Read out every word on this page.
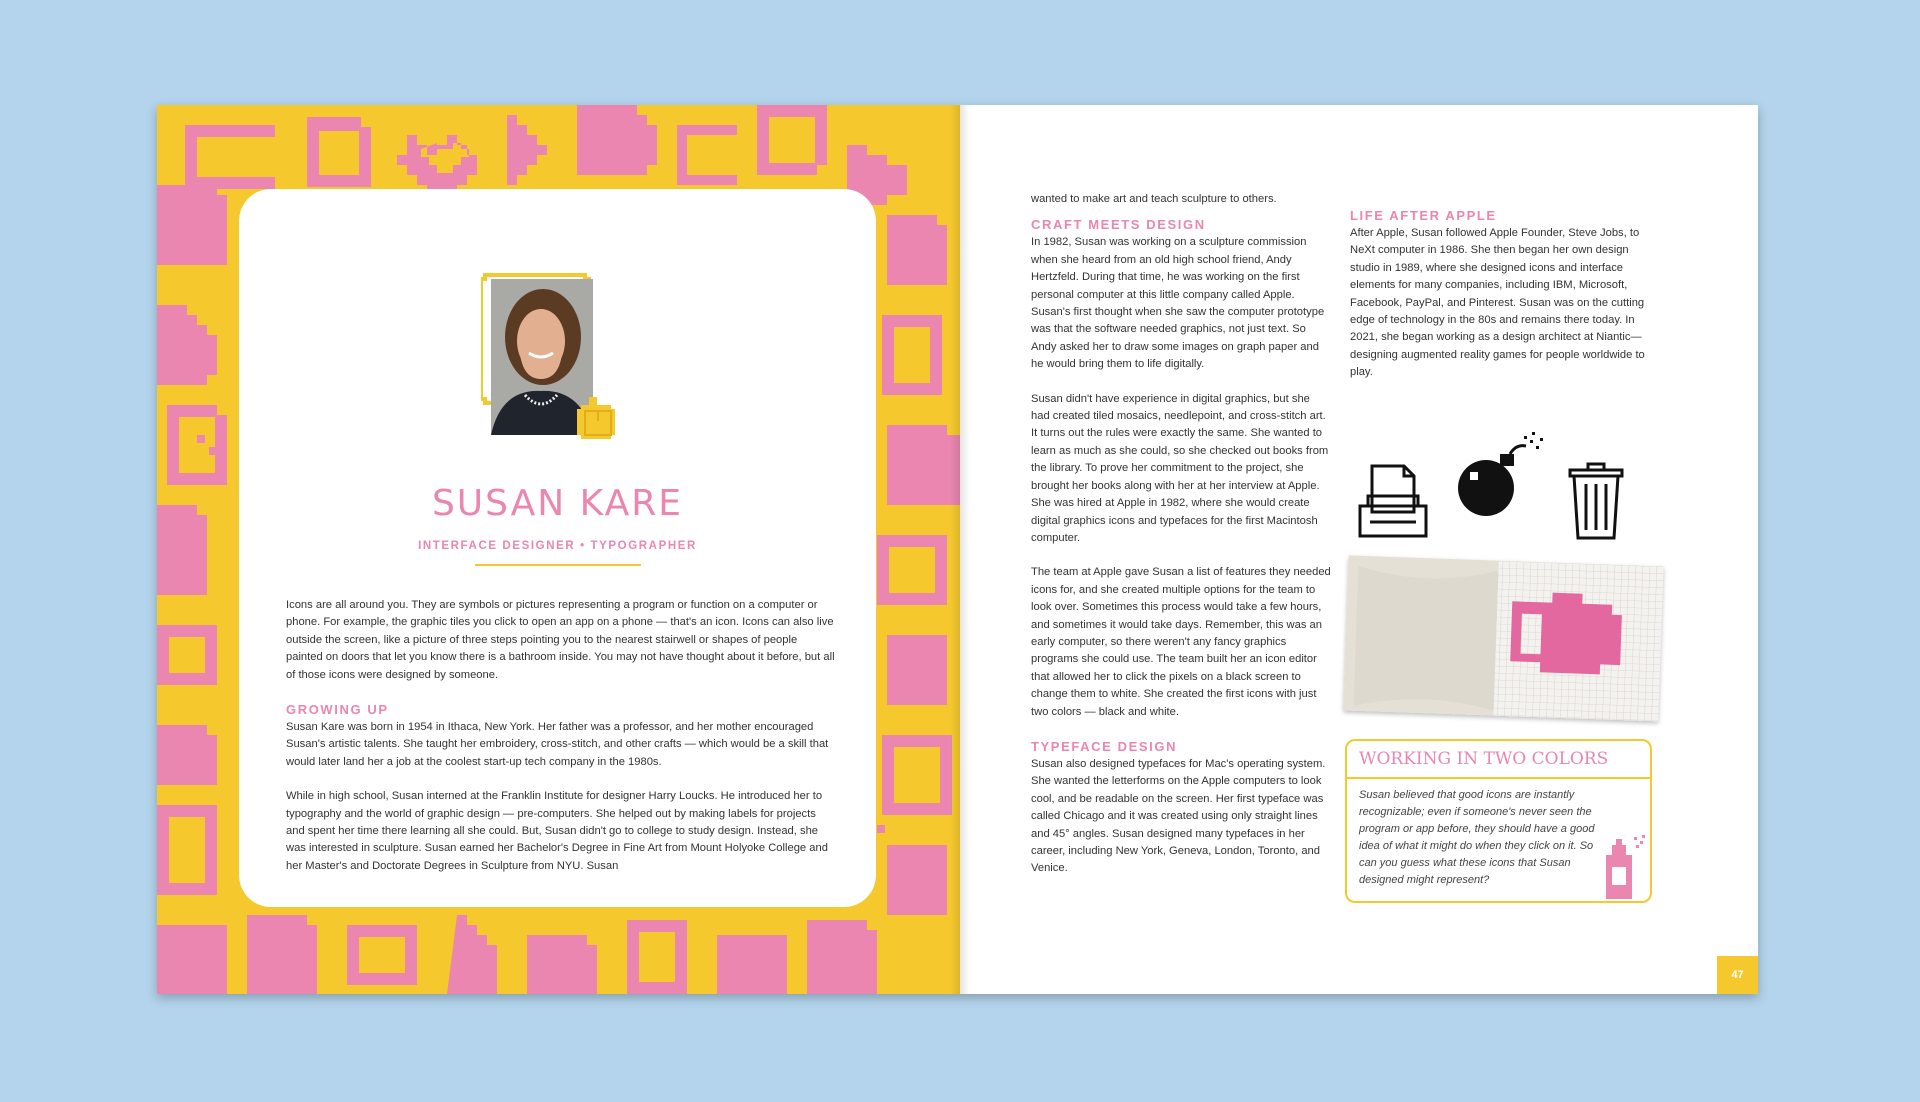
SUSAN KARE
INTERFACE DESIGNER • TYPOGRAPHER

Icons are all around you. They are symbols or pictures representing a program or function on a computer or phone. For example, the graphic tiles you click to open an app on a phone — that's an icon. Icons can also live outside the screen, like a picture of three steps pointing you to the nearest stairwell or shapes of people painted on doors that let you know there is a bathroom inside. You may not have thought about it before, but all of those icons were designed by someone.

GROWING UP

Susan Kare was born in 1954 in Ithaca, New York. Her father was a professor, and her mother encouraged Susan's artistic talents. She taught her embroidery, cross-stitch, and other crafts — which would be a skill that would later land her a job at the coolest start-up tech company in the 1980s.

While in high school, Susan interned at the Franklin Institute for designer Harry Loucks. He introduced her to typography and the world of graphic design — pre-computers. She helped out by making labels for projects and spent her time there learning all she could. But, Susan didn't go to college to study design. Instead, she was interested in sculpture. Susan earned her Bachelor's Degree in Fine Art from Mount Holyoke College and her Master's and Doctorate Degrees in Sculpture from NYU. Susan

wanted to make art and teach sculpture to others.

CRAFT MEETS DESIGN

In 1982, Susan was working on a sculpture commission when she heard from an old high school friend, Andy Hertzfeld. During that time, he was working on the first personal computer at this little company called Apple. Susan's first thought when she saw the computer prototype was that the software needed graphics, not just text. So Andy asked her to draw some images on graph paper and he would bring them to life digitally.

Susan didn't have experience in digital graphics, but she had created tiled mosaics, needlepoint, and cross-stitch art. It turns out the rules were exactly the same. She wanted to learn as much as she could, so she checked out books from the library. To prove her commitment to the project, she brought her books along with her at her interview at Apple. She was hired at Apple in 1982, where she would create digital graphics icons and typefaces for the first Macintosh computer.

The team at Apple gave Susan a list of features they needed icons for, and she created multiple options for the team to look over. Sometimes this process would take a few hours, and sometimes it would take days. Remember, this was an early computer, so there weren't any fancy graphics programs she could use. The team built her an icon editor that allowed her to click the pixels on a black screen to change them to white. She created the first icons with just two colors — black and white.

TYPEFACE DESIGN

Susan also designed typefaces for Mac's operating system. She wanted the letterforms on the Apple computers to look cool, and be readable on the screen. Her first typeface was called Chicago and it was created using only straight lines and 45° angles. Susan designed many typefaces in her career, including New York, Geneva, London, Toronto, and Venice.

LIFE AFTER APPLE

After Apple, Susan followed Apple Founder, Steve Jobs, to NeXt computer in 1986. She then began her own design studio in 1989, where she designed icons and interface elements for many companies, including IBM, Microsoft, Facebook, PayPal, and Pinterest. Susan was on the cutting edge of technology in the 80s and remains there today. In 2021, she began working as a design architect at Niantic— designing augmented reality games for people worldwide to play.

WORKING IN TWO COLORS
Susan believed that good icons are instantly recognizable; even if someone's never seen the program or app before, they should have a good idea of what it might do when they click on it. So can you guess what these icons that Susan designed might represent?
47
